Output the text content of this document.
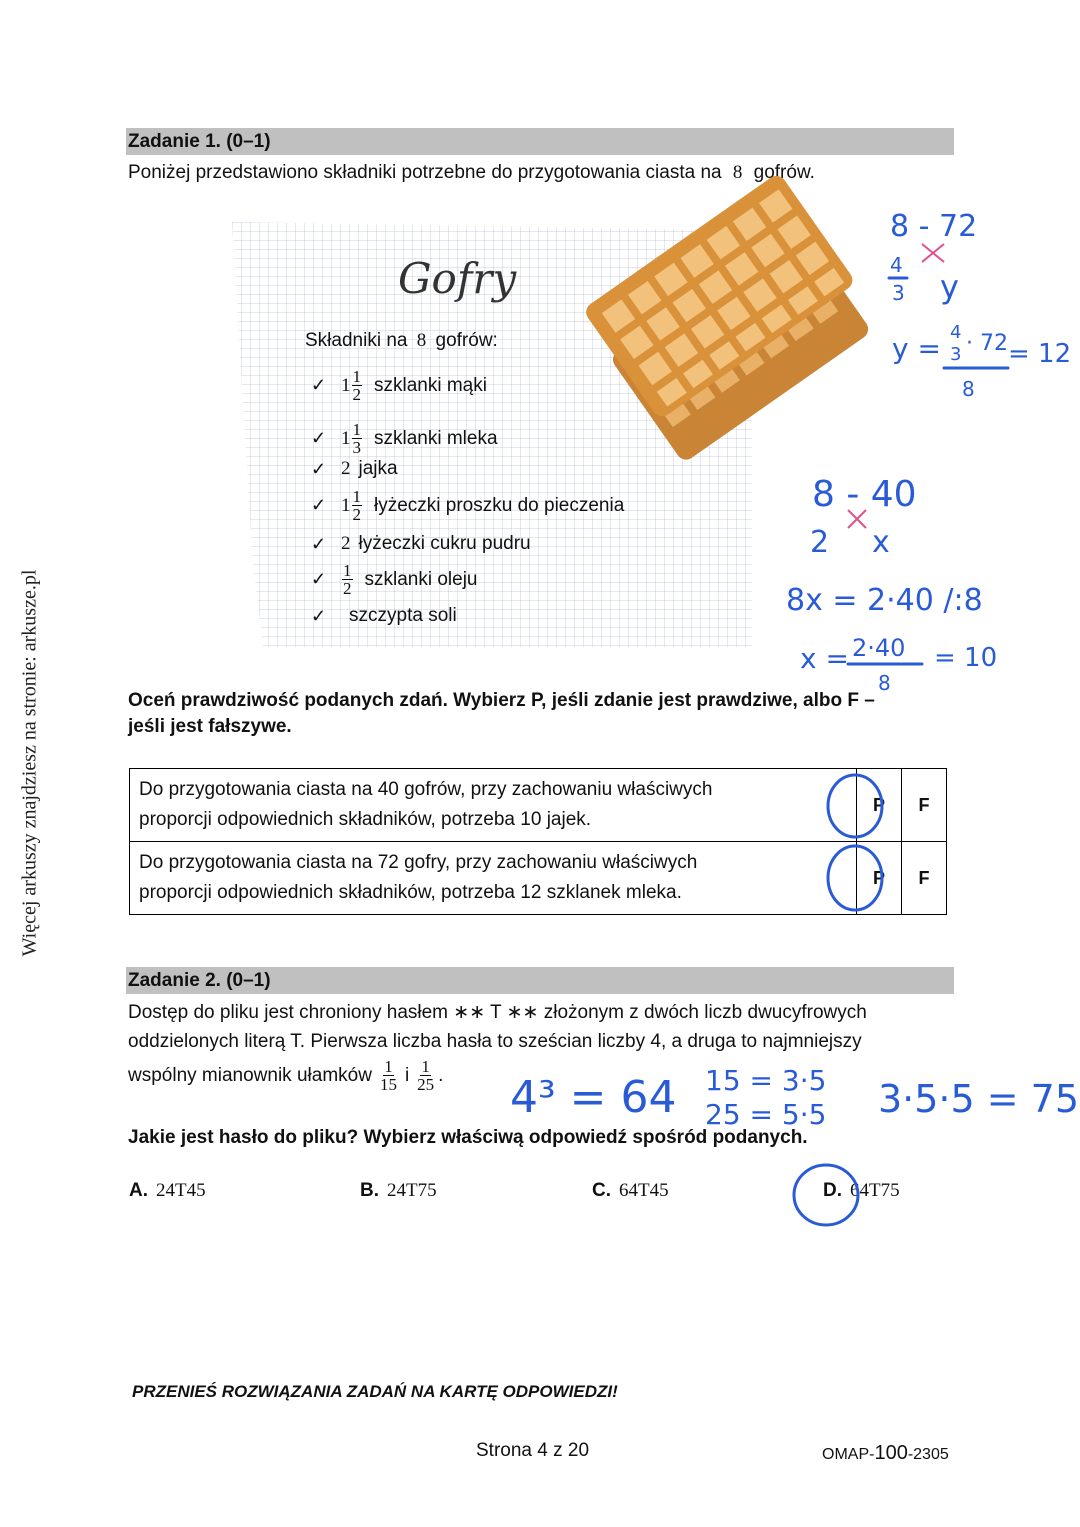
Więcej arkuszy znajdziesz na stronie: arkusze.pl
Zadanie 1. (0–1)
Poniżej przedstawiono składniki potrzebne do przygotowania ciasta na 8 gofrów.
Gofry
Składniki na 8 gofrów:
✓ $1 \frac{1}{2}$ szklanki mąki
✓ $1 \frac{1}{3}$ szklanki mleka
✓ 2 jajka
✓ $1 \frac{1}{2}$ łyżeczki proszku do pieczenia
✓ 2 łyżeczki cukru pudru
✓ $\frac{1}{2}$ szklanki oleju
✓	szczypta soli
Oceń prawdziwość podanych zdań. Wybierz P, jeśli zdanie jest prawdziwe, albo F –
jeśli jest fałszywe.
Do przygotowania ciasta na 40 gofrów, przy zachowaniu właściwych
proporcji odpowiednich składników, potrzeba 10 jajek.	P	F

Do przygotowania ciasta na 72 gofry, przy zachowaniu właściwych
proporcji odpowiednich składników, potrzeba 12 szklanek mleka.	P	F
Zadanie 2. (0–1)
Dostęp do pliku jest chroniony hasłem ∗∗ T ∗∗ złożonym z dwóch liczb dwucyfrowych
oddzielonych literą T. Pierwsza liczba hasła to sześcian liczby 4, a druga to najmniejszy
wspólny mianownik ułamków $\frac{1}{15}$ i $\frac{1}{25}$ .
Jakie jest hasło do pliku? Wybierz właściwą odpowiedź spośród podanych.
A. 24T45	B. 24T75	C. 64T45	D. 64T75
8 - 72
4
3 y
y = 4
3 · 72 = 12
8
8 - 40
2 x
8x = 2·40 /:8
x = 2·40
8
= 10
4³ = 64 15 = 3·5
25 = 5·5 3·5·5 = 75
PRZENIEŚ ROZWIĄZANIA ZADAŃ NA KARTĘ ODPOWIEDZI!
Strona 4 z 20	OMAP-100-2305
